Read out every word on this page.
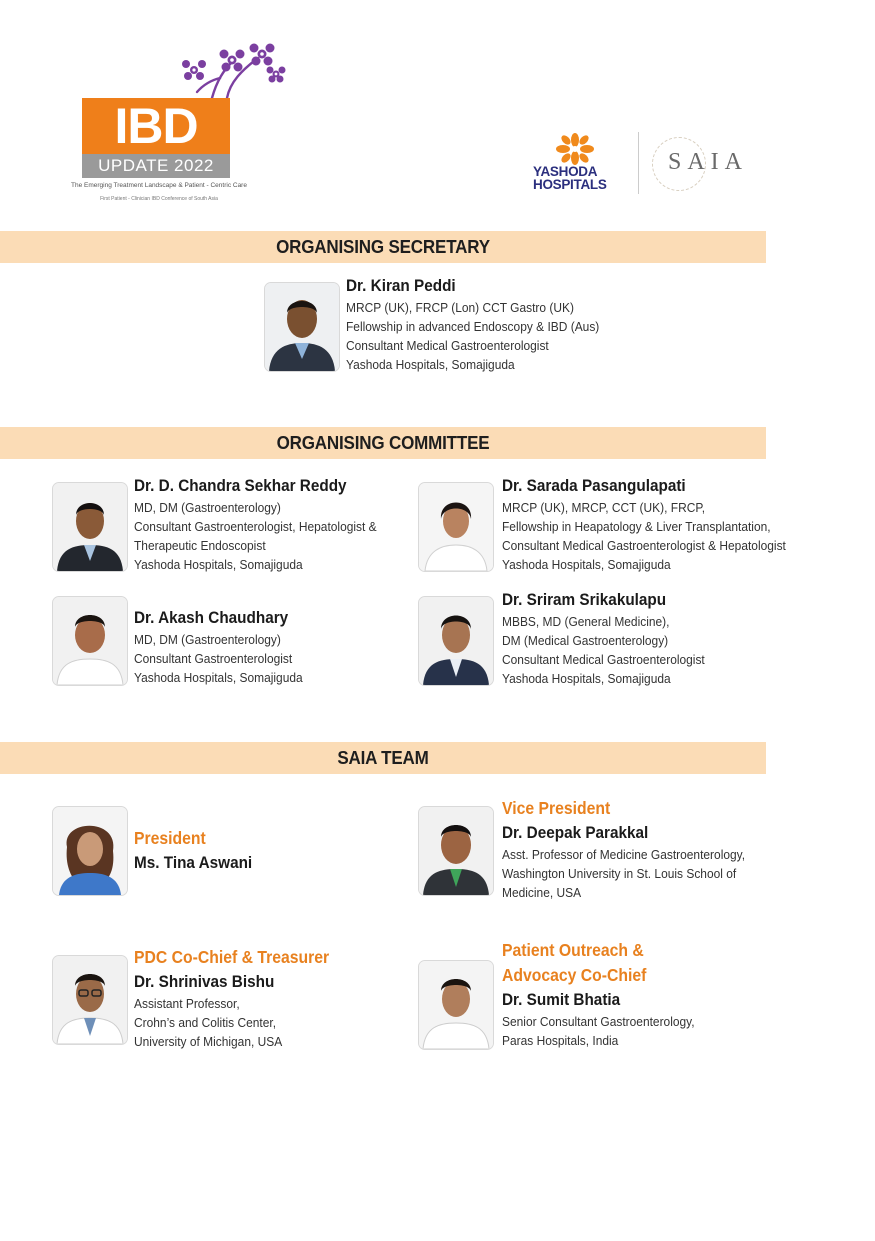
IBD
UPDATE 2022
The Emerging Treatment Landscape & Patient - Centric Care
First Patient - Clinician IBD Conference of South Asia
YASHODA
HOSPITALS
SAIA
ORGANISING SECRETARY
Dr. Kiran Peddi
MRCP (UK), FRCP (Lon) CCT Gastro (UK)
Fellowship in advanced Endoscopy & IBD (Aus)
Consultant Medical Gastroenterologist
Yashoda Hospitals, Somajiguda
ORGANISING COMMITTEE
Dr. D. Chandra Sekhar Reddy
MD, DM (Gastroenterology)
Consultant Gastroenterologist, Hepatologist &
Therapeutic Endoscopist
Yashoda Hospitals, Somajiguda
Dr. Sarada Pasangulapati
MRCP (UK), MRCP, CCT (UK), FRCP,
Fellowship in Heapatology & Liver Transplantation,
Consultant Medical Gastroenterologist & Hepatologist
Yashoda Hospitals, Somajiguda
Dr. Akash Chaudhary
MD, DM (Gastroenterology)
Consultant Gastroenterologist
Yashoda Hospitals, Somajiguda
Dr. Sriram Srikakulapu
MBBS, MD (General Medicine),
DM (Medical Gastroenterology)
Consultant Medical Gastroenterologist
Yashoda Hospitals, Somajiguda
SAIA TEAM
President
Ms. Tina Aswani
Vice President
Dr. Deepak Parakkal
Asst. Professor of Medicine Gastroenterology,
Washington University in St. Louis School of
Medicine, USA
PDC Co-Chief & Treasurer
Dr. Shrinivas Bishu
Assistant Professor,
Crohn’s and Colitis Center,
University of Michigan, USA
Patient Outreach &
Advocacy Co-Chief
Dr. Sumit Bhatia
Senior Consultant Gastroenterology,
Paras Hospitals, India
